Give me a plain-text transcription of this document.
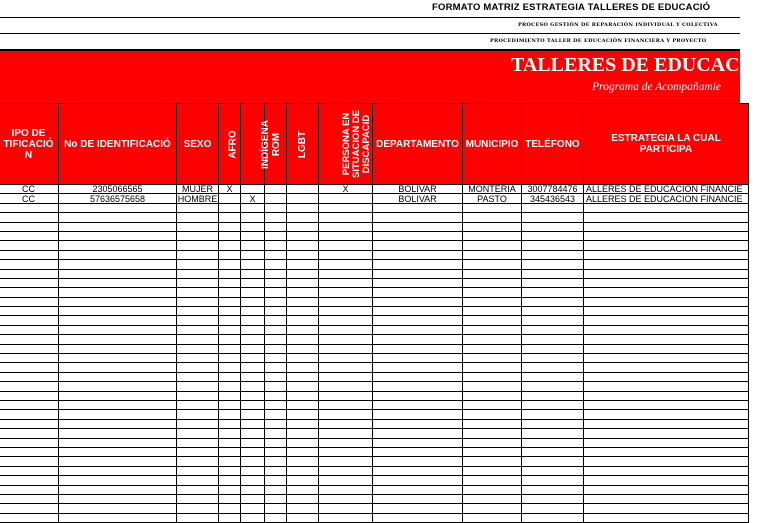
FORMATO MATRIZ ESTRATEGIA TALLERES DE EDUCACIÓ
PROCESO GESTIÓN DE REPARACIÓN INDIVIDUAL Y COLECTIVA
PROCEDIMIENTO TALLER DE EDUCACIÓN FINANCIERA Y PROYECTO
TALLERES DE EDUCACION
Programa de Acompañamie
IPO DE TIFICACIÓ N	No DE IDENTIFICACIÓ	SEXO	AFRO	INDÍGENA	ROM	LGBT	PERSONA EN SITUACION DE DISCAPACID	DEPARTAMENTO	MUNICIPIO	TELÉFONO	ESTRATEGIA LA CUAL PARTICIPA

CC	2305066565	MUJER	X				X	BOLIVAR	MONTERÍA	3007784476	ALLERES DE EDUCACION FINANCIE
CC	57636575658	HOMBRE		X				BOLIVAR	PASTO	345436543	ALLERES DE EDUCACION FINANCIE
